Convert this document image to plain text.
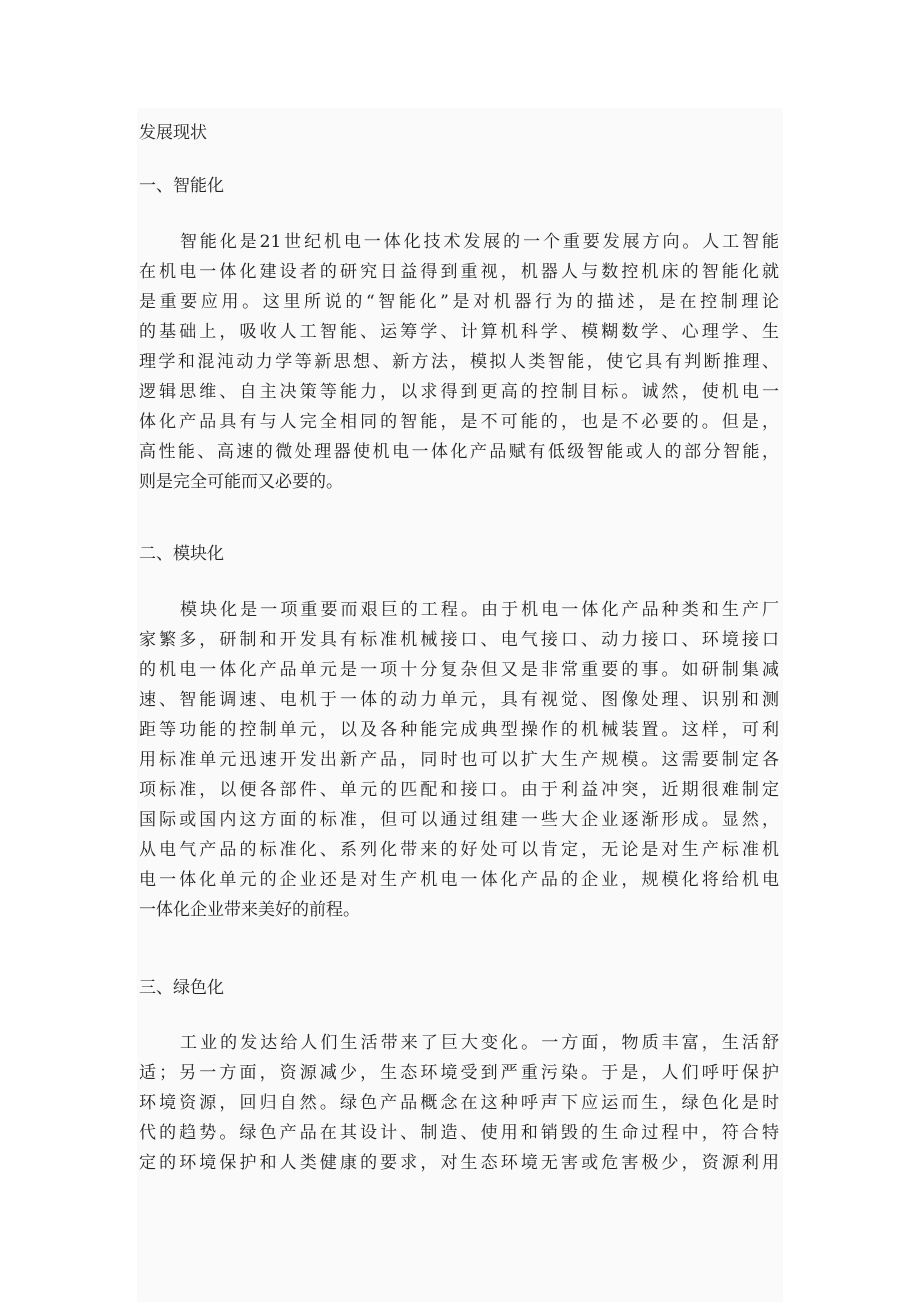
发展现状
一、智能化
智能化是21世纪机电一体化技术发展的一个重要发展方向。人工智能
在机电一体化建设者的研究日益得到重视，机器人与数控机床的智能化就
是重要应用。这里所说的“智能化”是对机器行为的描述，是在控制理论
的基础上，吸收人工智能、运筹学、计算机科学、模糊数学、心理学、生
理学和混沌动力学等新思想、新方法，模拟人类智能，使它具有判断推理、
逻辑思维、自主决策等能力，以求得到更高的控制目标。诚然，使机电一
体化产品具有与人完全相同的智能，是不可能的，也是不必要的。但是，
高性能、高速的微处理器使机电一体化产品赋有低级智能或人的部分智能，
则是完全可能而又必要的。
二、模块化
模块化是一项重要而艰巨的工程。由于机电一体化产品种类和生产厂
家繁多，研制和开发具有标准机械接口、电气接口、动力接口、环境接口
的机电一体化产品单元是一项十分复杂但又是非常重要的事。如研制集减
速、智能调速、电机于一体的动力单元，具有视觉、图像处理、识别和测
距等功能的控制单元，以及各种能完成典型操作的机械装置。这样，可利
用标准单元迅速开发出新产品，同时也可以扩大生产规模。这需要制定各
项标准，以便各部件、单元的匹配和接口。由于利益冲突，近期很难制定
国际或国内这方面的标准，但可以通过组建一些大企业逐渐形成。显然，
从电气产品的标准化、系列化带来的好处可以肯定，无论是对生产标准机
电一体化单元的企业还是对生产机电一体化产品的企业，规模化将给机电
一体化企业带来美好的前程。
三、绿色化
工业的发达给人们生活带来了巨大变化。一方面，物质丰富，生活舒
适；另一方面，资源减少，生态环境受到严重污染。于是，人们呼吁保护
环境资源，回归自然。绿色产品概念在这种呼声下应运而生，绿色化是时
代的趋势。绿色产品在其设计、制造、使用和销毁的生命过程中，符合特
定的环境保护和人类健康的要求，对生态环境无害或危害极少，资源利用
